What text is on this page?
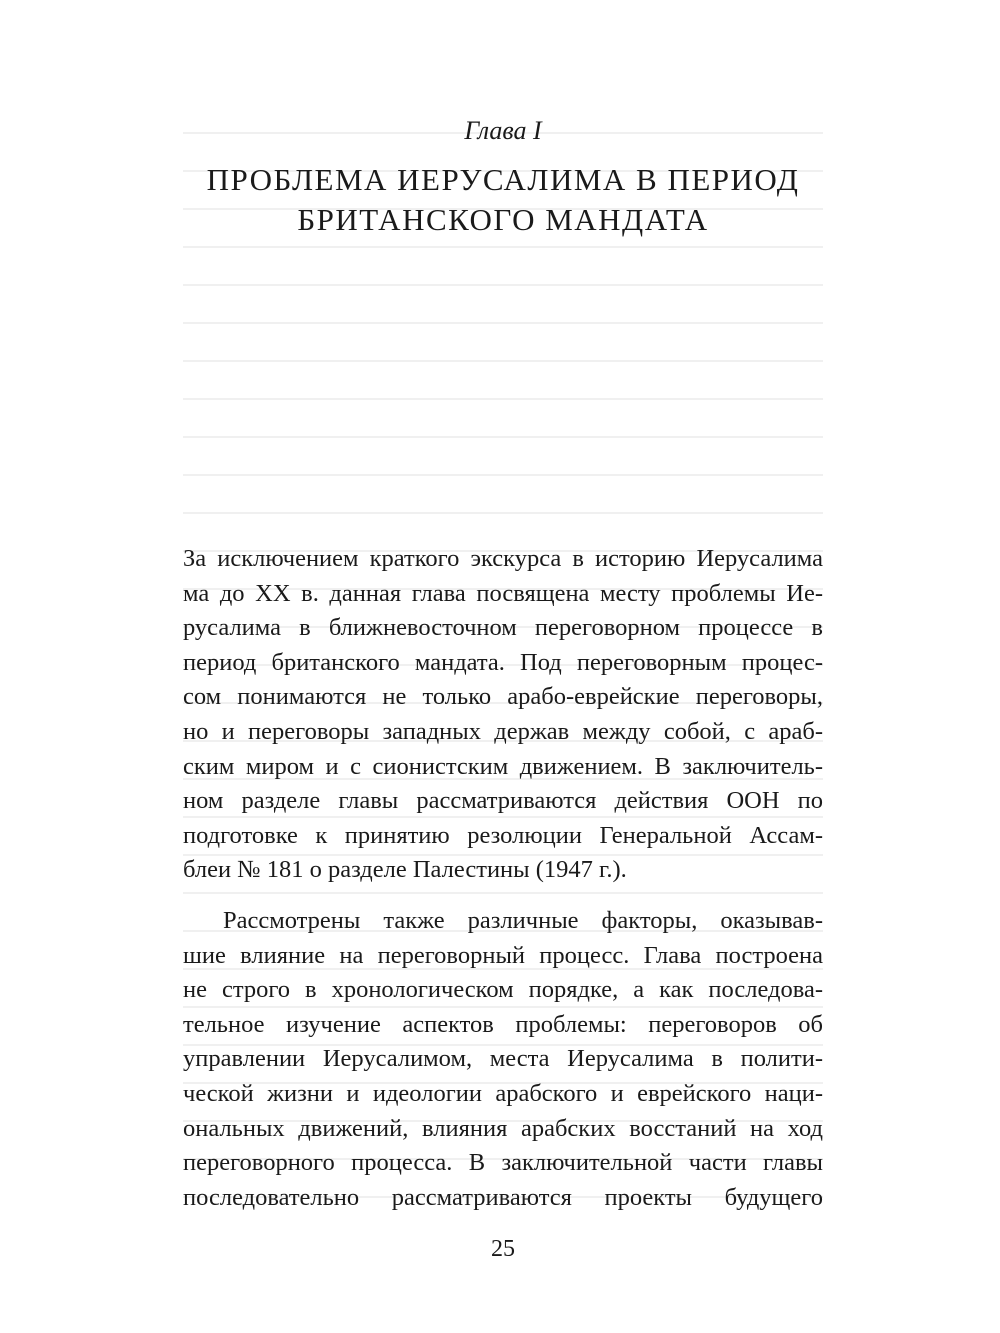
Глава I
ПРОБЛЕМА ИЕРУСАЛИМА В ПЕРИОД
БРИТАНСКОГО МАНДАТА
За исключением краткого экскурса в историю Иерусалима
ма до XX в. данная глава посвящена месту проблемы Ие-
русалима в ближневосточном переговорном процессе в
период британского мандата. Под переговорным процес-
сом понимаются не только арабо-еврейские переговоры,
но и переговоры западных держав между собой, с араб-
ским миром и с сионистским движением. В заключитель-
ном разделе главы рассматриваются действия ООН по
подготовке к принятию резолюции Генеральной Ассам-
блеи № 181 о разделе Палестины (1947 г.).
Рассмотрены также различные факторы, оказывав-
шие влияние на переговорный процесс. Глава построена
не строго в хронологическом порядке, а как последова-
тельное изучение аспектов проблемы: переговоров об
управлении Иерусалимом, места Иерусалима в полити-
ческой жизни и идеологии арабского и еврейского наци-
ональных движений, влияния арабских восстаний на ход
переговорного процесса. В заключительной части главы
последовательно рассматриваются проекты будущего
25
